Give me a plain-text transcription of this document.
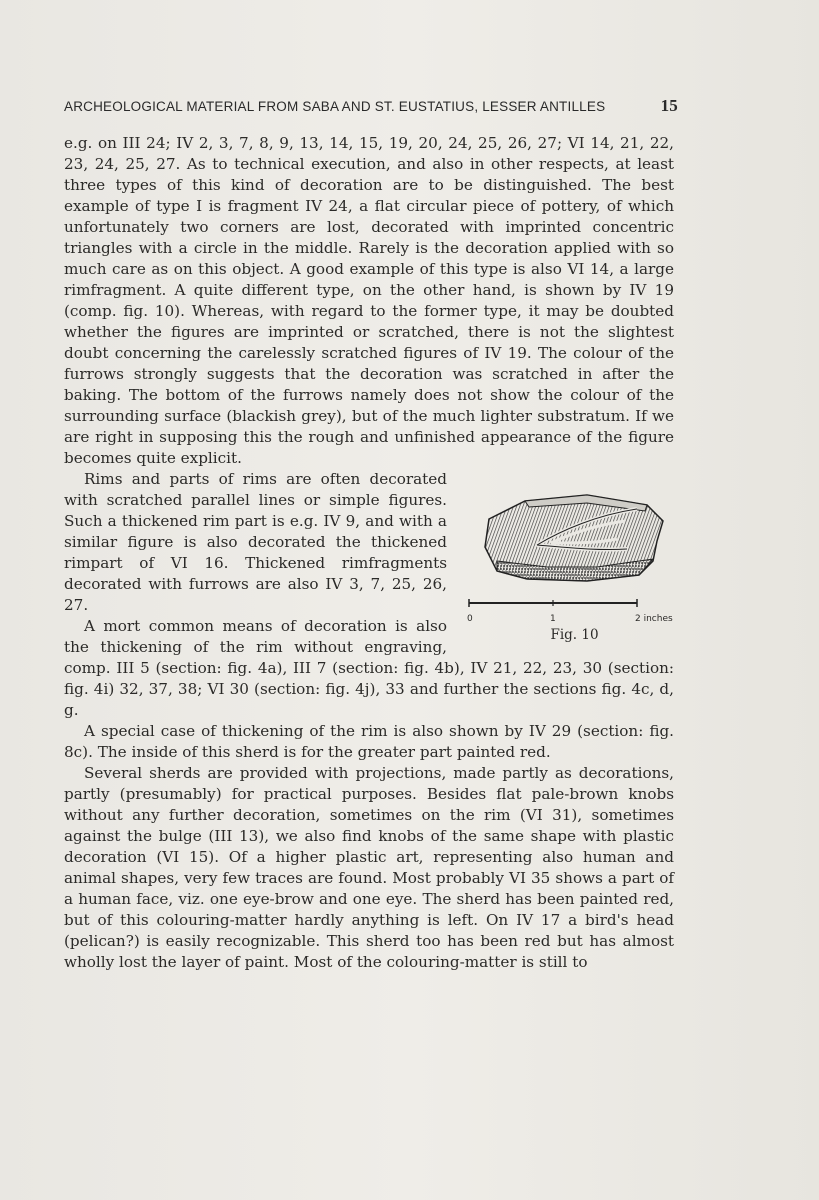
ARCHEOLOGICAL MATERIAL FROM SABA AND ST. EUSTATIUS, LESSER ANTILLES	15

e.g. on III 24; IV 2, 3, 7, 8, 9, 13, 14, 15, 19, 20, 24, 25, 26, 27; VI 14, 21, 22, 23, 24, 25, 27. As to technical execution, and also in other respects, at least three types of this kind of decoration are to be distinguished. The best example of type I is fragment IV 24, a flat circular piece of pottery, of which unfortunately two corners are lost, decorated with imprinted concentric triangles with a circle in the middle. Rarely is the decoration applied with so much care as on this object. A good example of this type is also VI 14, a large rimfragment. A quite different type, on the other hand, is shown by IV 19 (comp. fig. 10). Whereas, with regard to the former type, it may be doubted whether the figures are imprinted or scratched, there is not the slightest doubt concerning the carelessly scratched figures of IV 19. The colour of the furrows strongly suggests that the decoration was scratched in after the baking. The bottom of the furrows namely does not show the colour of the surrounding surface (blackish grey), but of the much lighter substratum. If we are right in supposing this the rough and unfinished appearance of the figure becomes quite explicit.

0	1	2 inches
Fig. 10

Rims and parts of rims are often decorated with scratched parallel lines or simple figures. Such a thickened rim part is e.g. IV 9, and with a similar figure is also decorated the thickened rimpart of VI 16. Thickened rimfragments decorated with furrows are also IV 3, 7, 25, 26, 27.

A mort common means of decoration is also the thickening of the rim without engraving, comp. III 5 (section: fig. 4a), III 7 (section: fig. 4b), IV 21, 22, 23, 30 (section: fig. 4i) 32, 37, 38; VI 30 (section: fig. 4j), 33 and further the sections fig. 4c, d, g.

A special case of thickening of the rim is also shown by IV 29 (section: fig. 8c). The inside of this sherd is for the greater part painted red.

Several sherds are provided with projections, made partly as decorations, partly (presumably) for practical purposes. Besides flat pale-brown knobs without any further decoration, sometimes on the rim (VI 31), sometimes against the bulge (III 13), we also find knobs of the same shape with plastic decoration (VI 15). Of a higher plastic art, representing also human and animal shapes, very few traces are found. Most probably VI 35 shows a part of a human face, viz. one eye-brow and one eye. The sherd has been painted red, but of this colouring-matter hardly anything is left. On IV 17 a bird's head (pelican?) is easily recognizable. This sherd too has been red but has almost wholly lost the layer of paint. Most of the colouring-matter is still to
